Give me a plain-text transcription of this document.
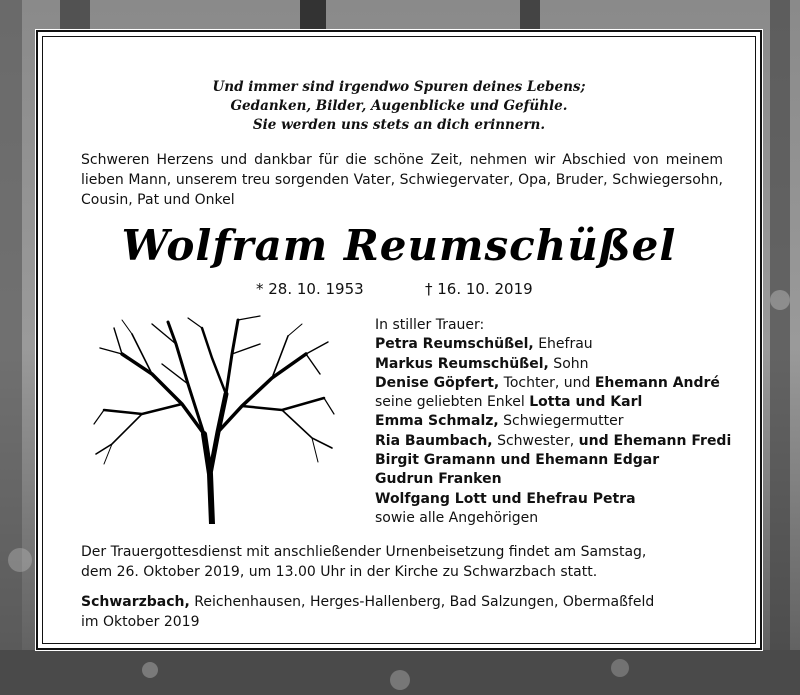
Und immer sind irgendwo Spuren deines Lebens;
Gedanken, Bilder, Augenblicke und Gefühle.
Sie werden uns stets an dich erinnern.
Schweren Herzens und dankbar für die schöne Zeit, nehmen wir Abschied von meinem lieben Mann, unserem treu sorgenden Vater, Schwiegervater, Opa, Bruder, Schwiegersohn, Cousin, Pat und Onkel
Wolfram Reumschüßel
* 28. 10. 1953	† 16. 10. 2019
In stiller Trauer:
Petra Reumschüßel, Ehefrau
Markus Reumschüßel, Sohn
Denise Göpfert, Tochter, und Ehemann André
seine geliebten Enkel Lotta und Karl
Emma Schmalz, Schwiegermutter
Ria Baumbach, Schwester, und Ehemann Fredi
Birgit Gramann und Ehemann Edgar
Gudrun Franken
Wolfgang Lott und Ehefrau Petra
sowie alle Angehörigen
Der Trauergottesdienst mit anschließender Urnenbeisetzung findet am Samstag,
dem 26. Oktober 2019, um 13.00 Uhr in der Kirche zu Schwarzbach statt.
Schwarzbach, Reichenhausen, Herges-Hallenberg, Bad Salzungen, Obermaßfeld
im Oktober 2019
